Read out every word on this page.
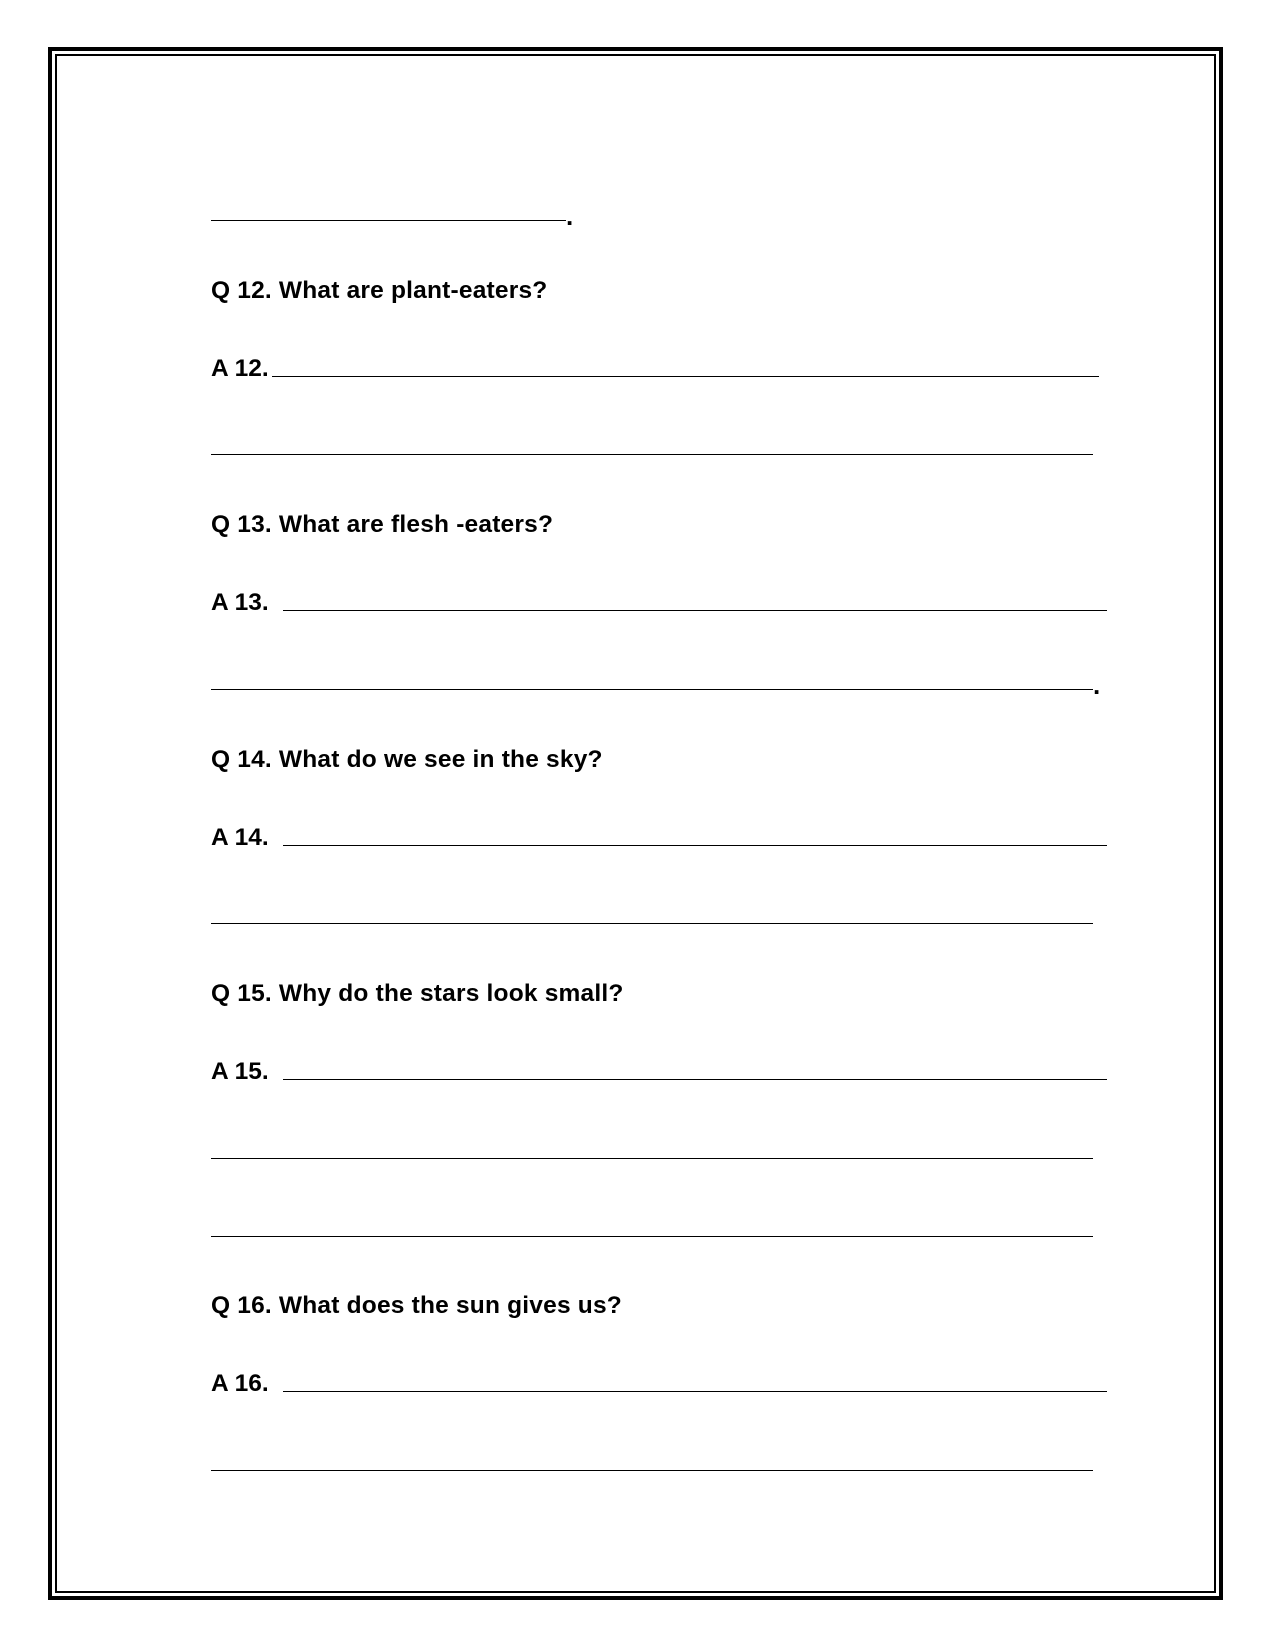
.
Q 12. What are plant-eaters?
A 12.
Q 13. What are flesh -eaters?
A 13.
.
Q 14. What do we see in the sky?
A 14.
Q 15. Why do the stars look small?
A 15.
Q 16. What does the sun gives us?
A 16.
